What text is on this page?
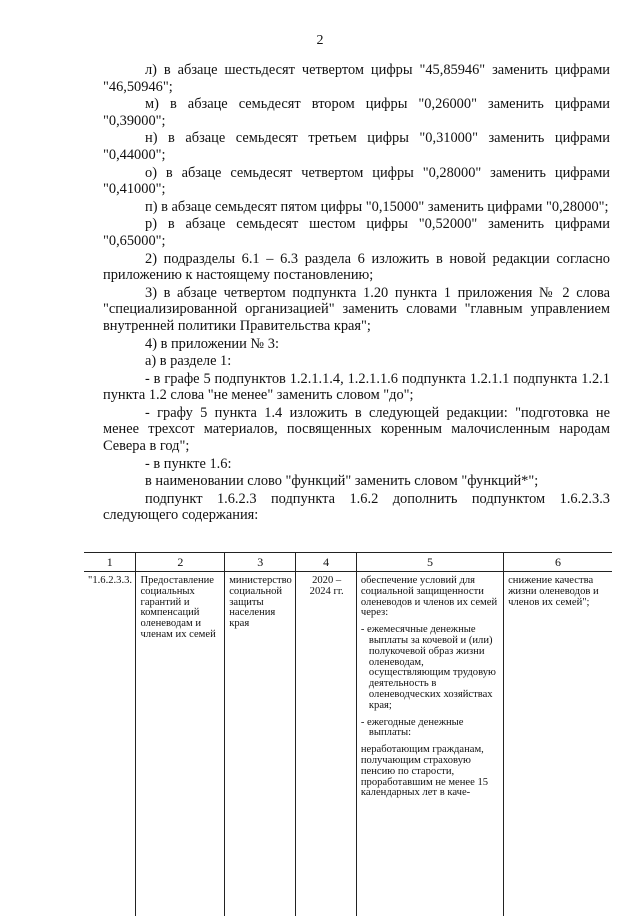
2

л) в абзаце шестьдесят четвертом цифры "45,85946" заменить цифрами "46,50946";

м) в абзаце семьдесят втором цифры "0,26000" заменить цифрами "0,39000";

н) в абзаце семьдесят третьем цифры "0,31000" заменить цифрами "0,44000";

о) в абзаце семьдесят четвертом цифры "0,28000" заменить цифрами "0,41000";

п) в абзаце семьдесят пятом цифры "0,15000" заменить цифрами "0,28000";

р) в абзаце семьдесят шестом цифры "0,52000" заменить цифрами "0,65000";

2) подразделы 6.1 – 6.3 раздела 6 изложить в новой редакции согласно приложению к настоящему постановлению;

3) в абзаце четвертом подпункта 1.20 пункта 1 приложения № 2 слова "специализированной организацией" заменить словами "главным управлением внутренней политики Правительства края";

4) в приложении № 3:

а) в разделе 1:

- в графе 5 подпунктов 1.2.1.1.4, 1.2.1.1.6 подпункта 1.2.1.1 подпункта 1.2.1 пункта 1.2 слова "не менее" заменить словом "до";

- графу 5 пункта 1.4 изложить в следующей редакции: "подготовка не менее трехсот материалов, посвященных коренным малочисленным народам Севера в год";

- в пункте 1.6:

в наименовании слово "функций" заменить словом "функций*";

подпункт 1.6.2.3 подпункта 1.6.2 дополнить подпунктом 1.6.2.3.3 следующего содержания:

1	2	3	4	5	6
"1.6.2.3.3.	Предоставление социальных гарантий и компенсаций оленеводам и членам их семей	министерство социальной защиты населения края	2020 – 2024 гг.	обеспечение условий для социальной защищенности оленеводов и членов их семей через:
- ежемесячные денежные выплаты за кочевой и (или) полукочевой образ жизни оленеводам, осуществляющим трудовую деятельность в оленеводческих хозяйствах края;
- ежегодные денежные выплаты:
неработающим гражданам, получающим страховую пенсию по старости, проработавшим не менее 15 календарных лет в каче-	снижение качества жизни оленеводов и членов их семей";
